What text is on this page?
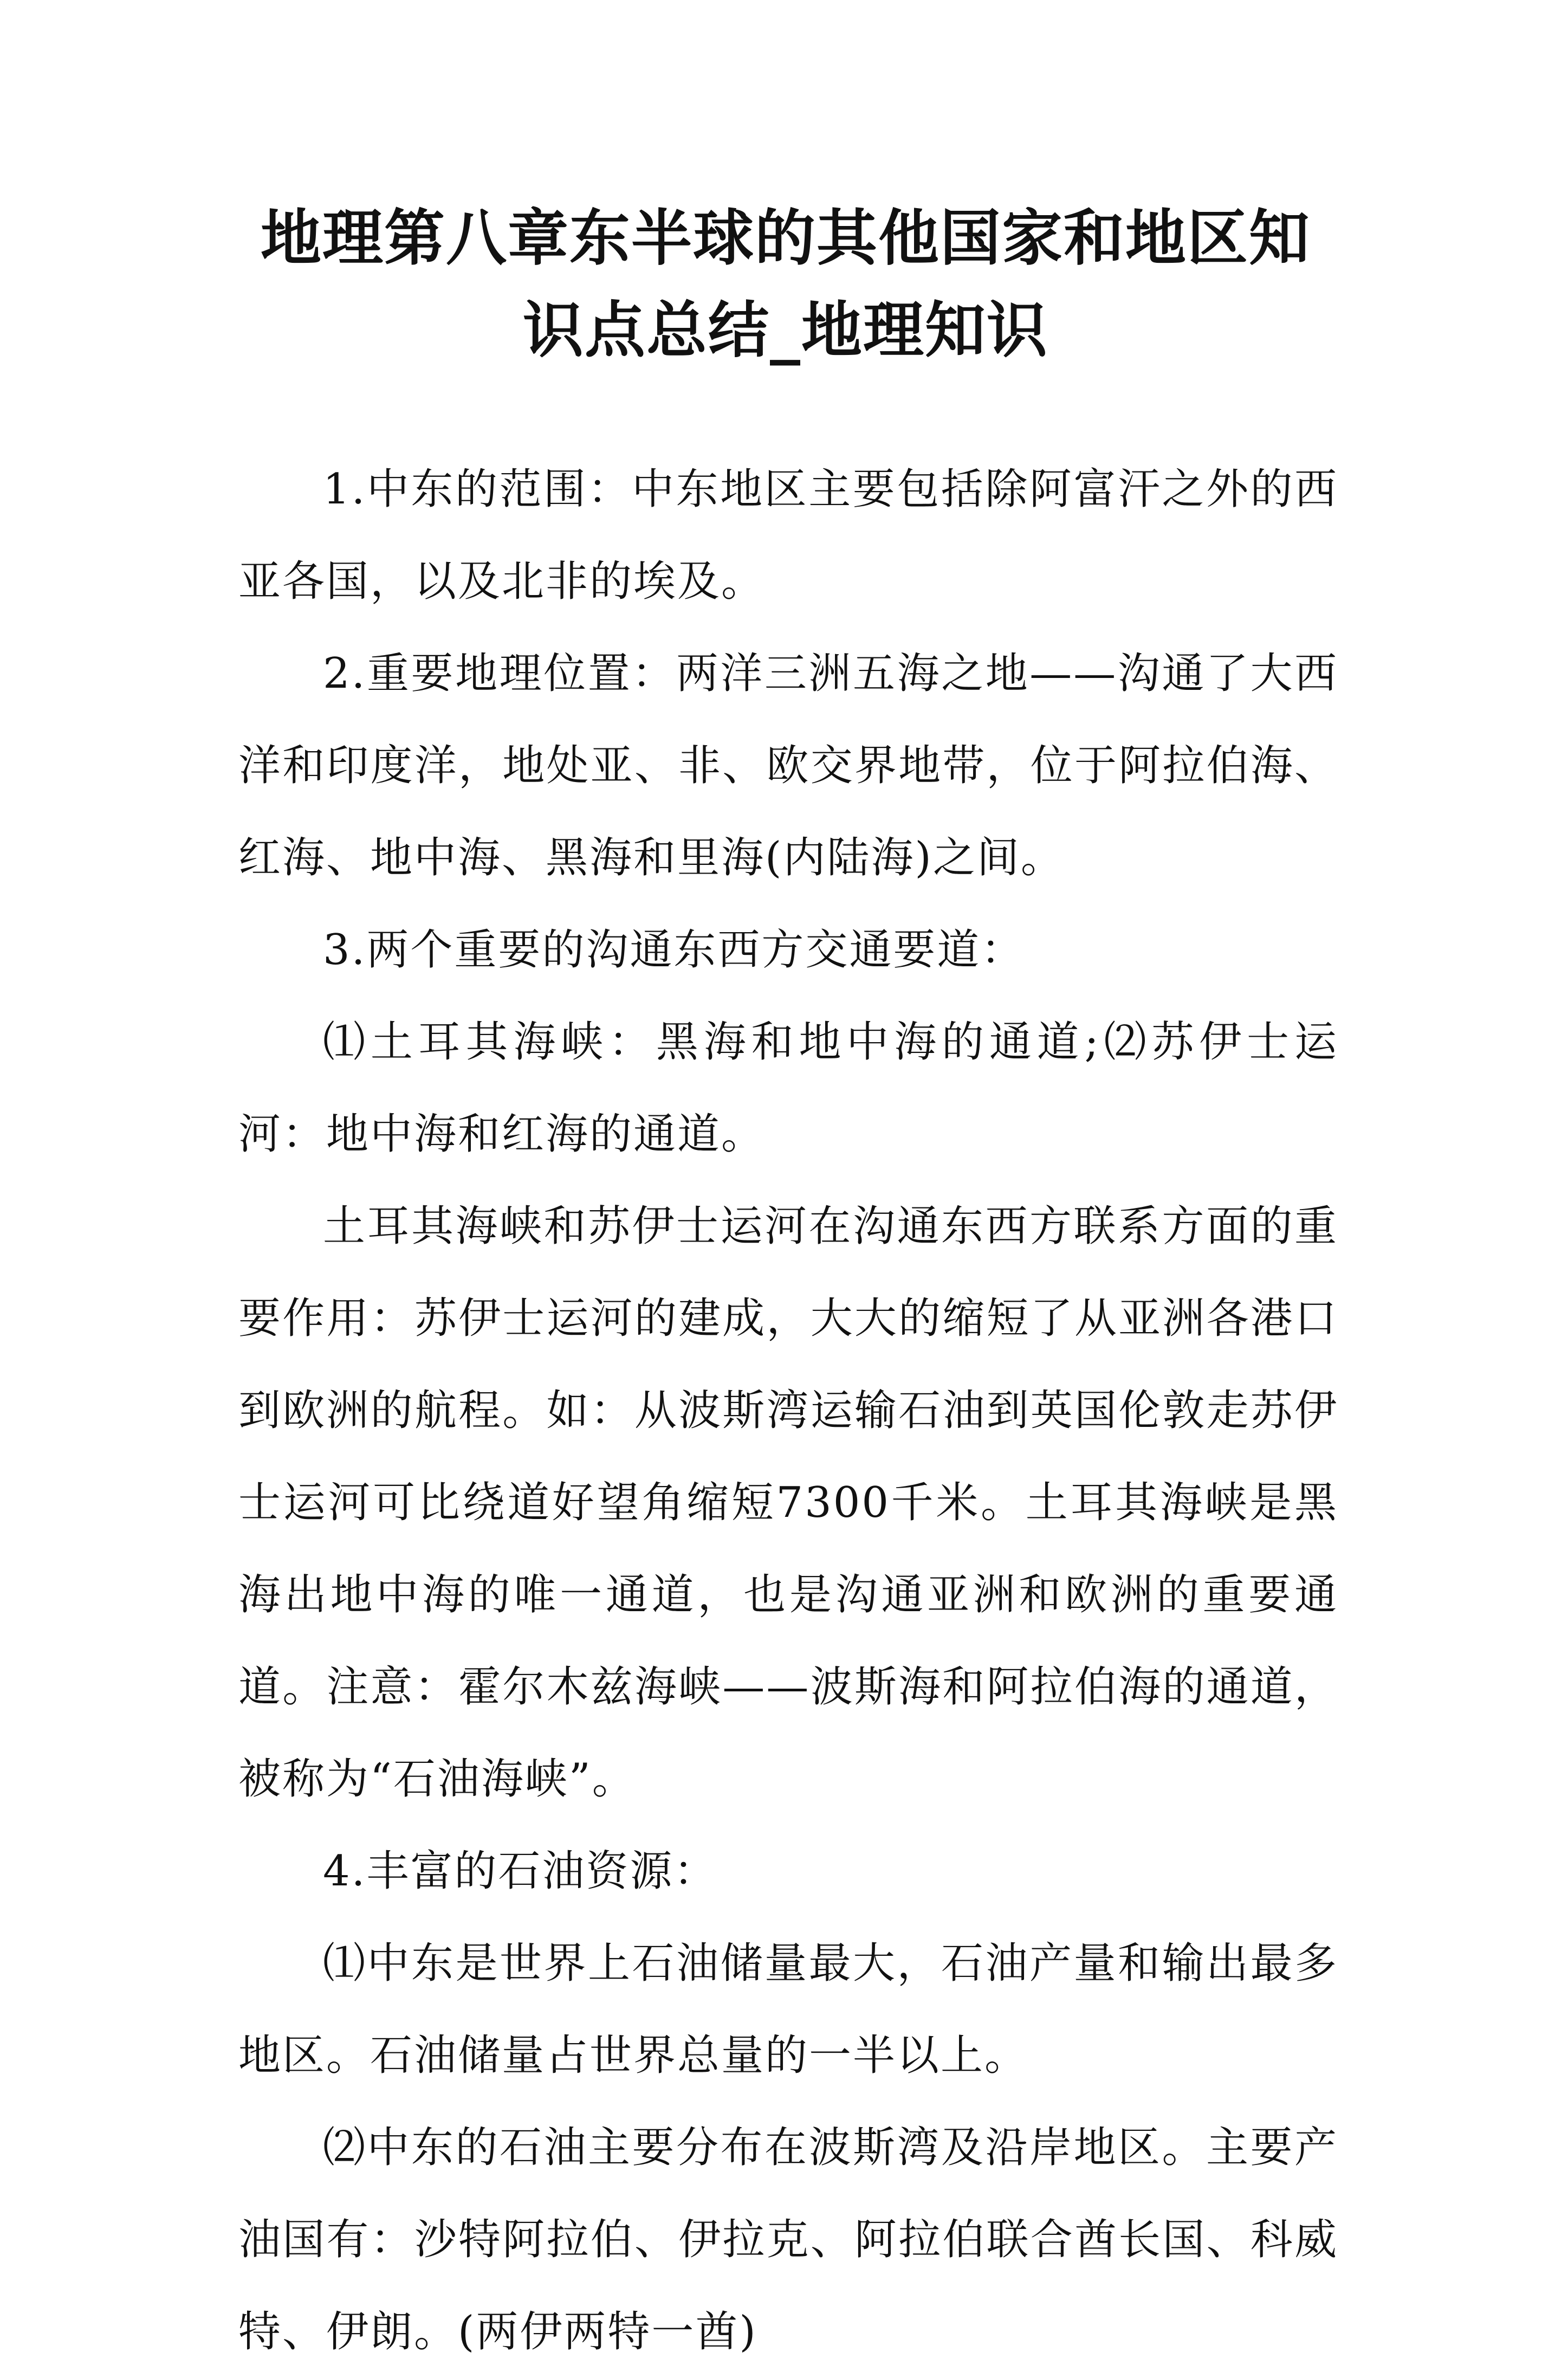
地理第八章东半球的其他国家和地区知识点总结_地理知识

1.中东的范围：中东地区主要包括除阿富汗之外的西亚各国，以及北非的埃及。

2.重要地理位置：两洋三洲五海之地——沟通了大西洋和印度洋，地处亚、非、欧交界地带，位于阿拉伯海、红海、地中海、黑海和里海(内陆海)之间。

3.两个重要的沟通东西方交通要道：

⑴土耳其海峡：黑海和地中海的通道;⑵苏伊士运河：地中海和红海的通道。

土耳其海峡和苏伊士运河在沟通东西方联系方面的重要作用：苏伊士运河的建成，大大的缩短了从亚洲各港口到欧洲的航程。如：从波斯湾运输石油到英国伦敦走苏伊士运河可比绕道好望角缩短7300千米。土耳其海峡是黑海出地中海的唯一通道，也是沟通亚洲和欧洲的重要通道。注意：霍尔木兹海峡——波斯海和阿拉伯海的通道，被称为“石油海峡”。

4.丰富的石油资源：

⑴中东是世界上石油储量最大，石油产量和输出最多地区。石油储量占世界总量的一半以上。

⑵中东的石油主要分布在波斯湾及沿岸地区。主要产油国有：沙特阿拉伯、伊拉克、阿拉伯联合酋长国、科威特、伊朗。(两伊两特一酋)
